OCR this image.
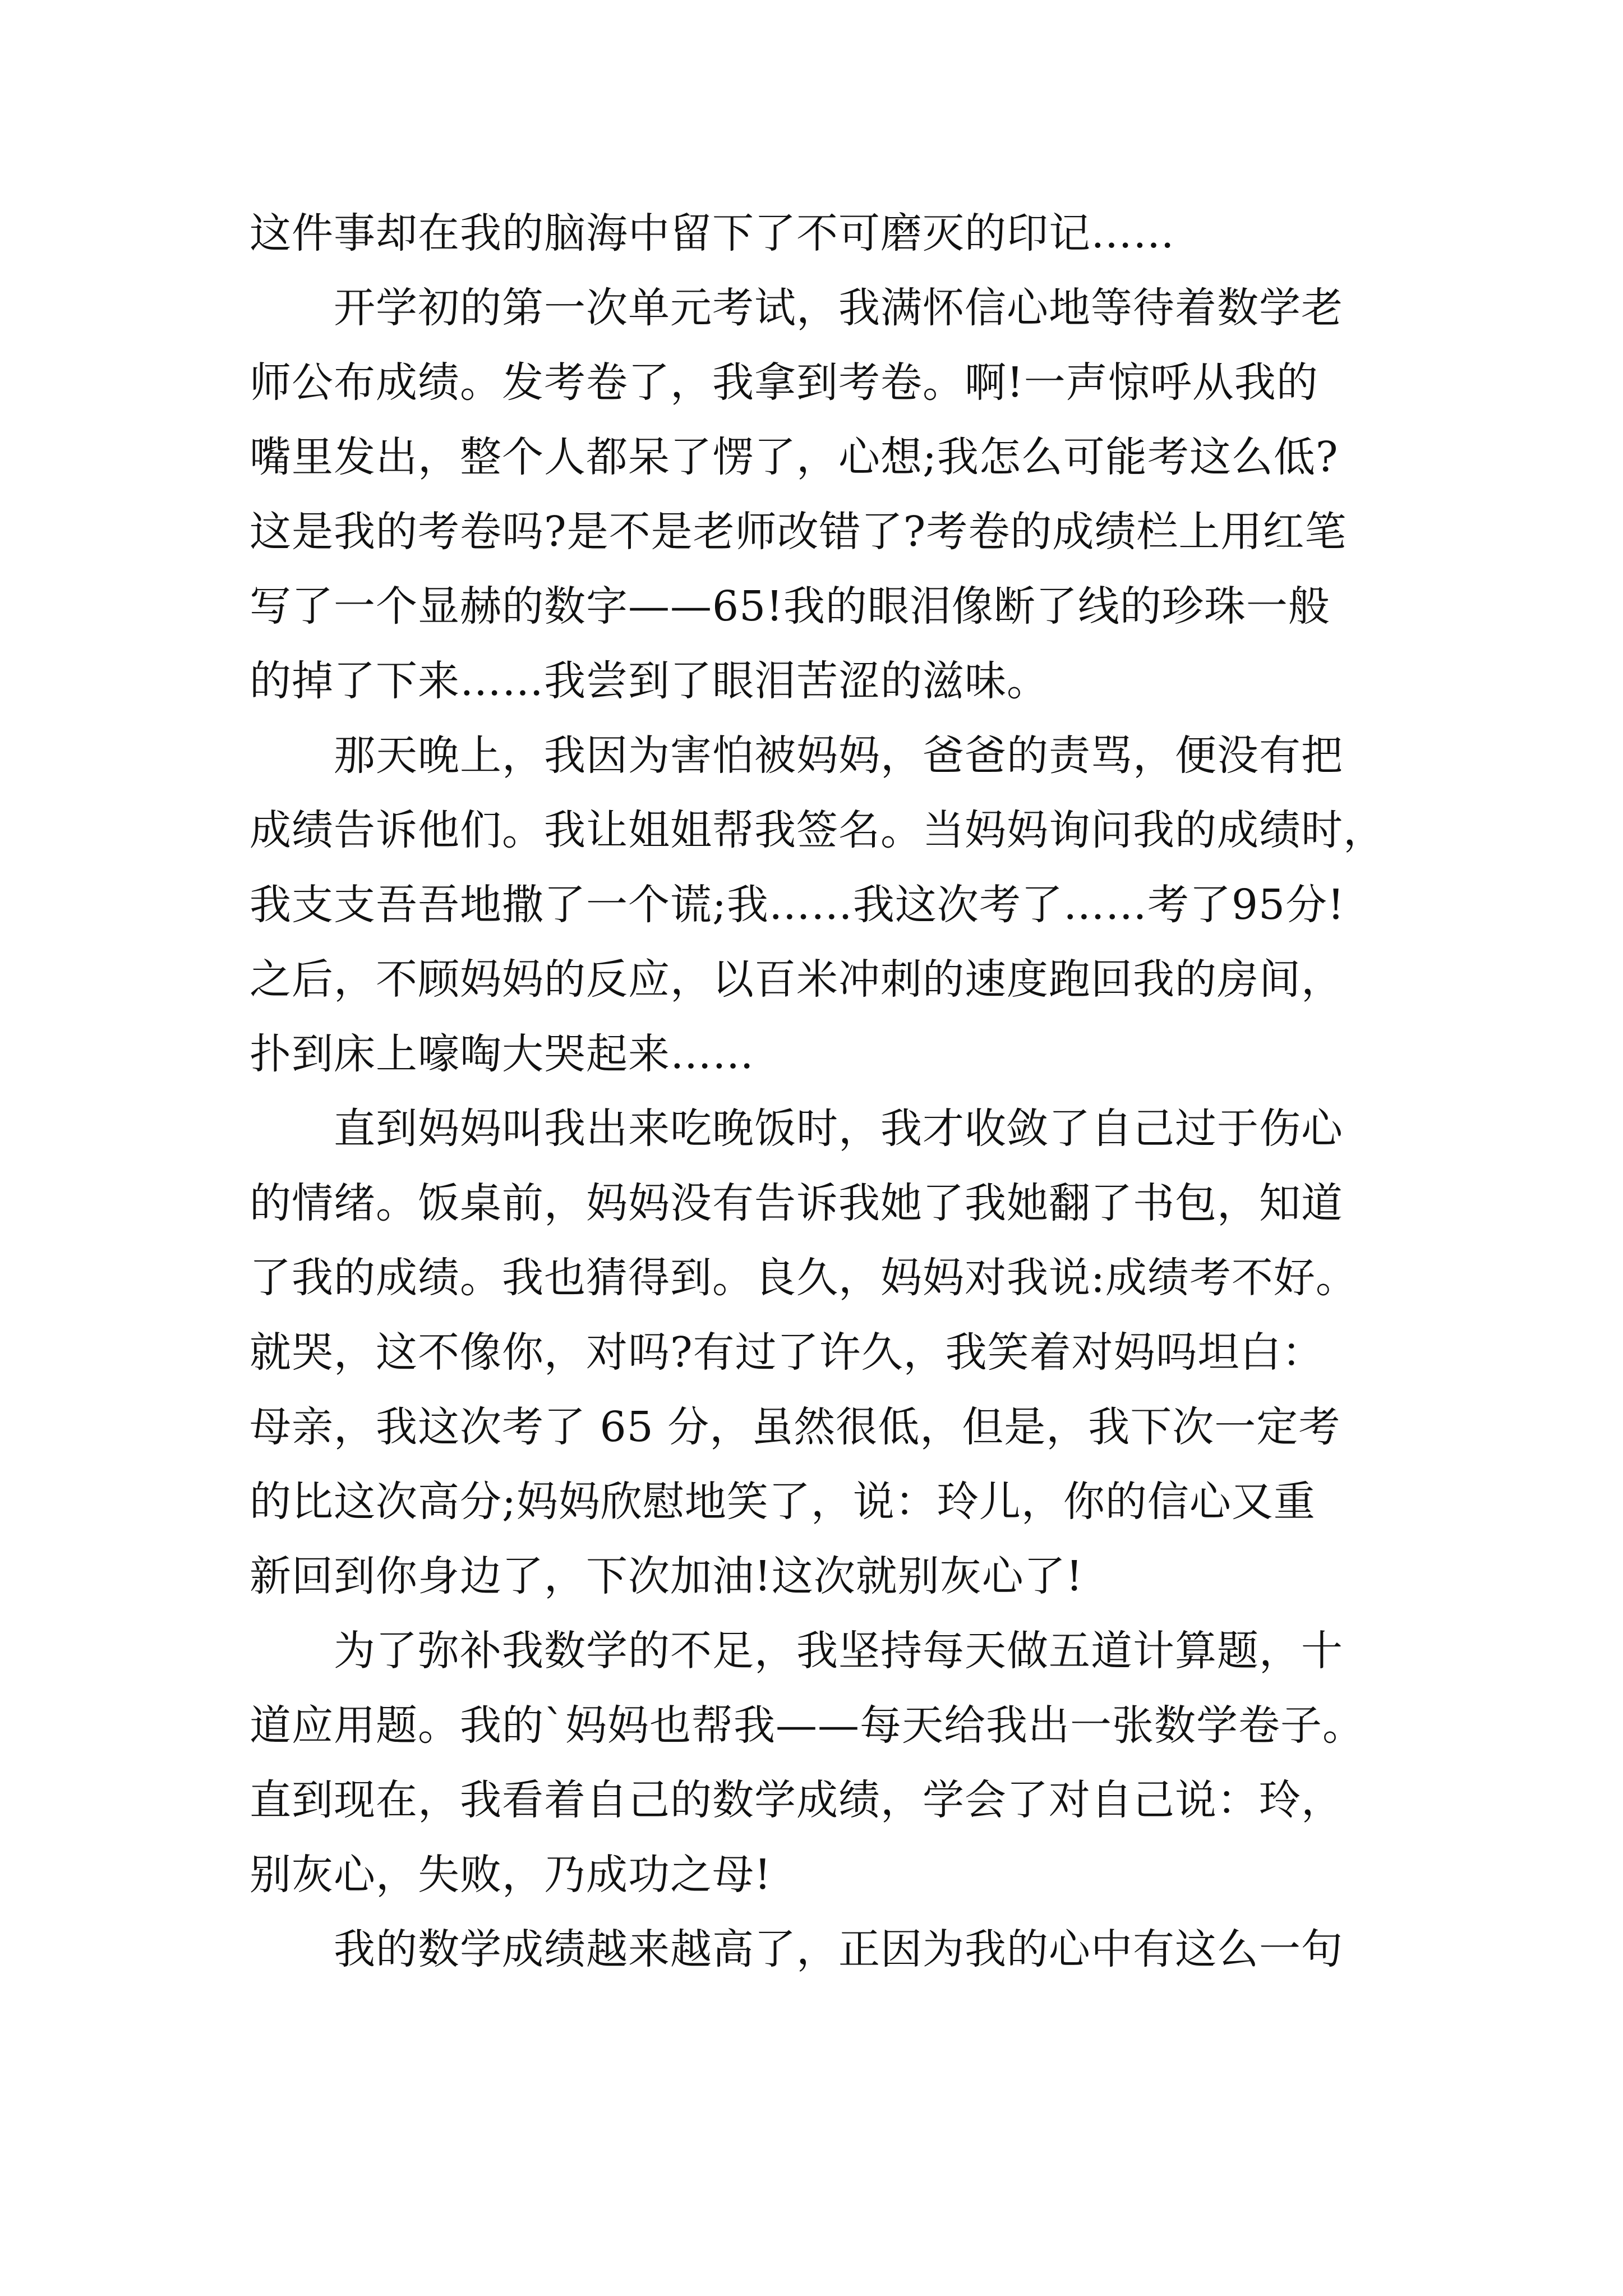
这件事却在我的脑海中留下了不可磨灭的印记……
开学初的第一次单元考试，我满怀信心地等待着数学老
师公布成绩。发考卷了，我拿到考卷。啊!一声惊呼从我的
嘴里发出，整个人都呆了愣了，心想;我怎么可能考这么低?
这是我的考卷吗?是不是老师改错了?考卷的成绩栏上用红笔
写了一个显赫的数字——65!我的眼泪像断了线的珍珠一般
的掉了下来……我尝到了眼泪苦涩的滋味。
那天晚上，我因为害怕被妈妈，爸爸的责骂，便没有把
成绩告诉他们。我让姐姐帮我签名。当妈妈询问我的成绩时，
我支支吾吾地撒了一个谎;我……我这次考了……考了95分!
之后，不顾妈妈的反应，以百米冲刺的速度跑回我的房间，
扑到床上嚎啕大哭起来……
直到妈妈叫我出来吃晚饭时，我才收敛了自己过于伤心
的情绪。饭桌前，妈妈没有告诉我她了我她翻了书包，知道
了我的成绩。我也猜得到。良久，妈妈对我说:成绩考不好。
就哭，这不像你，对吗?有过了许久，我笑着对妈吗坦白：
母亲，我这次考了 65 分，虽然很低，但是，我下次一定考
的比这次高分;妈妈欣慰地笑了，说：玲儿，你的信心又重
新回到你身边了，下次加油!这次就别灰心了!
为了弥补我数学的不足，我坚持每天做五道计算题，十
道应用题。我的`妈妈也帮我——每天给我出一张数学卷子。
直到现在，我看着自己的数学成绩，学会了对自己说：玲，
别灰心，失败，乃成功之母!
我的数学成绩越来越高了，正因为我的心中有这么一句
